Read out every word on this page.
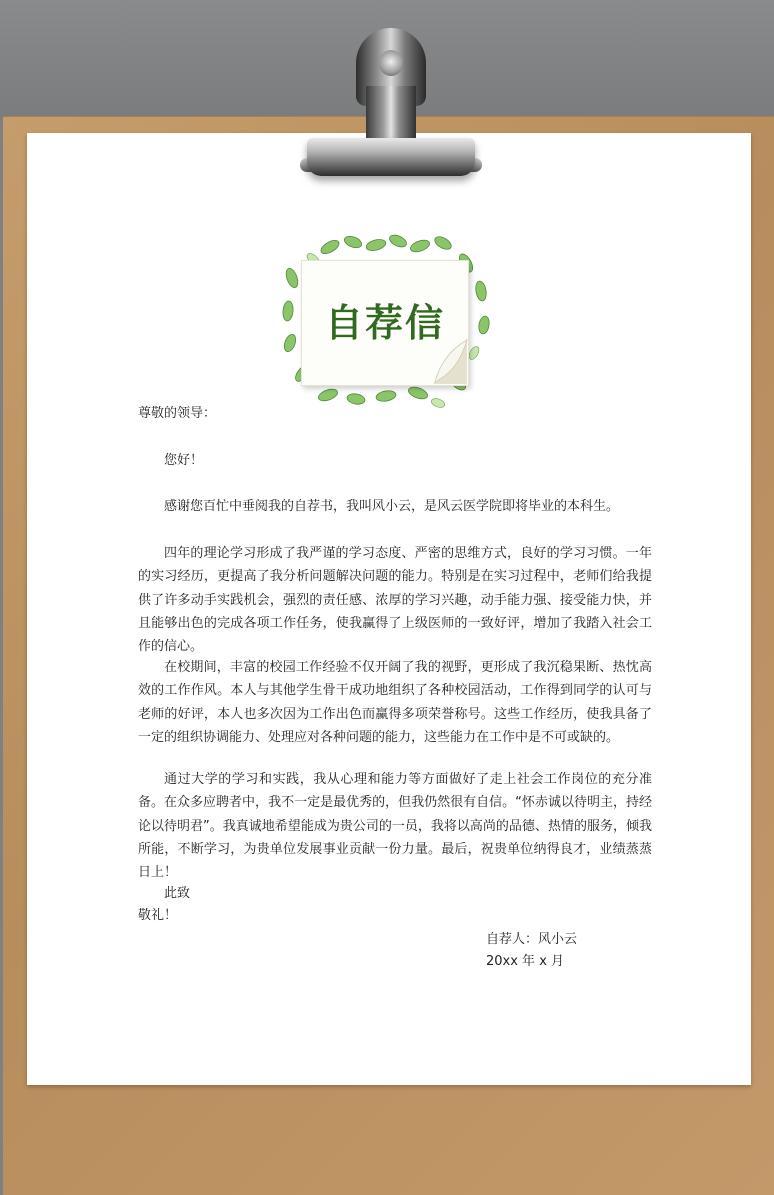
自荐信
尊敬的领导：
您好！
感谢您百忙中垂阅我的自荐书，我叫风小云，是风云医学院即将毕业的本科生。
四年的理论学习形成了我严谨的学习态度、严密的思维方式，良好的学习习惯。一年的实习经历，更提高了我分析问题解决问题的能力。特别是在实习过程中，老师们给我提供了许多动手实践机会，强烈的责任感、浓厚的学习兴趣，动手能力强、接受能力快，并且能够出色的完成各项工作任务，使我赢得了上级医师的一致好评，增加了我踏入社会工作的信心。
在校期间，丰富的校园工作经验不仅开阔了我的视野，更形成了我沉稳果断、热忱高效的工作作风。本人与其他学生骨干成功地组织了各种校园活动，工作得到同学的认可与老师的好评，本人也多次因为工作出色而赢得多项荣誉称号。这些工作经历，使我具备了一定的组织协调能力、处理应对各种问题的能力，这些能力在工作中是不可或缺的。
通过大学的学习和实践，我从心理和能力等方面做好了走上社会工作岗位的充分准备。在众多应聘者中，我不一定是最优秀的，但我仍然很有自信。“怀赤诚以待明主，持经论以待明君”。我真诚地希望能成为贵公司的一员，我将以高尚的品德、热情的服务，倾我所能，不断学习，为贵单位发展事业贡献一份力量。最后，祝贵单位纳得良才，业绩蒸蒸日上！
此致
敬礼！
自荐人：风小云
20xx 年 x 月
